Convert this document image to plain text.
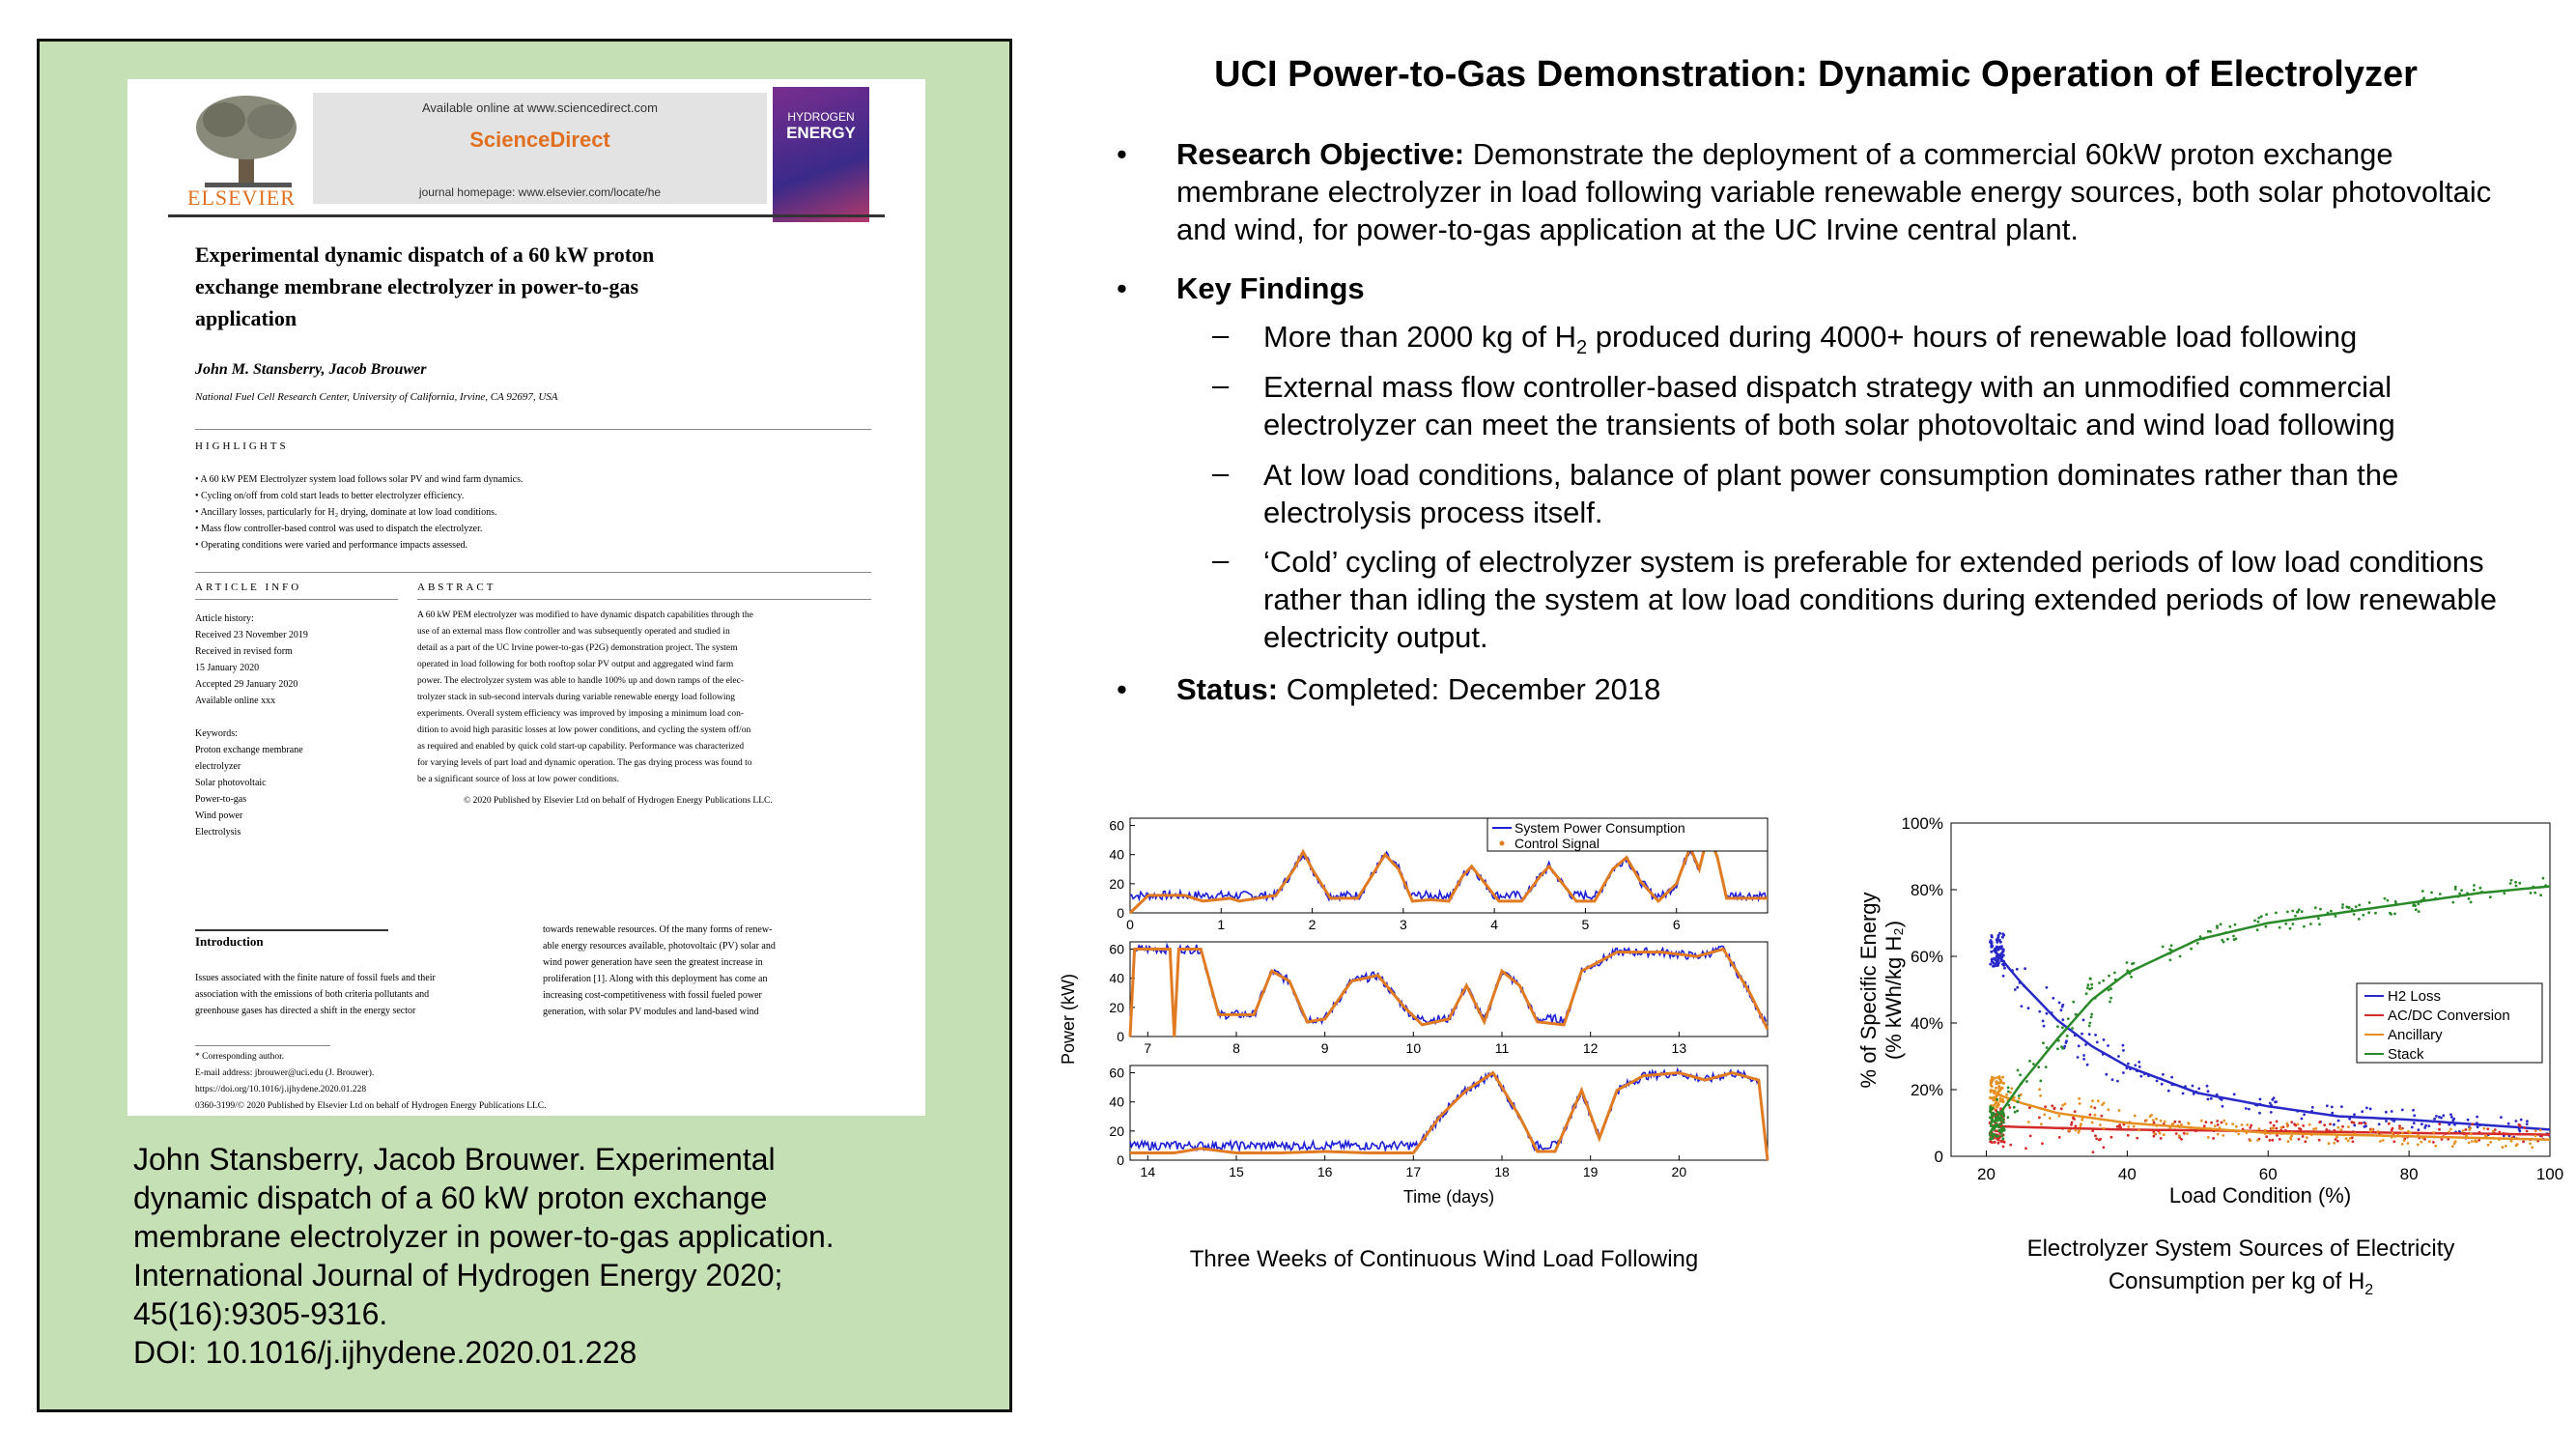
ELSEVIER
Available online at www.sciencedirect.com
ScienceDirect
journal homepage: www.elsevier.com/locate/he
HYDROGEN
ENERGY
Experimental dynamic dispatch of a 60 kW proton
exchange membrane electrolyzer in power-to-gas
application
John M. Stansberry, Jacob Brouwer
National Fuel Cell Research Center, University of California, Irvine, CA 92697, USA
HIGHLIGHTS
• A 60 kW PEM Electrolyzer system load follows solar PV and wind farm dynamics.
• Cycling on/off from cold start leads to better electrolyzer efficiency.
• Ancillary losses, particularly for H₂ drying, dominate at low load conditions.
• Mass flow controller-based control was used to dispatch the electrolyzer.
• Operating conditions were varied and performance impacts assessed.
ARTICLE INFO	ABSTRACT
Article history:
Received 23 November 2019
Received in revised form
15 January 2020
Accepted 29 January 2020
Available online xxx
Keywords:
Proton exchange membrane
electrolyzer
Solar photovoltaic
Power-to-gas
Wind power
Electrolysis
A 60 kW PEM electrolyzer was modified to have dynamic dispatch capabilities through the
use of an external mass flow controller and was subsequently operated and studied in
detail as a part of the UC Irvine power-to-gas (P2G) demonstration project. The system
operated in load following for both rooftop solar PV output and aggregated wind farm
power. The electrolyzer system was able to handle 100% up and down ramps of the elec-
trolyzer stack in sub-second intervals during variable renewable energy load following
experiments. Overall system efficiency was improved by imposing a minimum load con-
dition to avoid high parasitic losses at low power conditions, and cycling the system off/on
as required and enabled by quick cold start-up capability. Performance was characterized
for varying levels of part load and dynamic operation. The gas drying process was found to
be a significant source of loss at low power conditions.
© 2020 Published by Elsevier Ltd on behalf of Hydrogen Energy Publications LLC.
Introduction
Issues associated with the finite nature of fossil fuels and their
association with the emissions of both criteria pollutants and
greenhouse gases has directed a shift in the energy sector
towards renewable resources. Of the many forms of renew-
able energy resources available, photovoltaic (PV) solar and
wind power generation have seen the greatest increase in
proliferation [1]. Along with this deployment has come an
increasing cost-competitiveness with fossil fueled power
generation, with solar PV modules and land-based wind
* Corresponding author.
E-mail address: jbrouwer@uci.edu (J. Brouwer).
https://doi.org/10.1016/j.ijhydene.2020.01.228
0360-3199/© 2020 Published by Elsevier Ltd on behalf of Hydrogen Energy Publications LLC.
John Stansberry, Jacob Brouwer. Experimental
dynamic dispatch of a 60 kW proton exchange
membrane electrolyzer in power-to-gas application.
International Journal of Hydrogen Energy 2020;
45(16):9305-9316.
DOI: 10.1016/j.ijhydene.2020.01.228
UCI Power-to-Gas Demonstration: Dynamic Operation of Electrolyzer
• Research Objective: Demonstrate the deployment of a commercial 60kW proton exchange membrane electrolyzer in load following variable renewable energy sources, both solar photovoltaic and wind, for power-to-gas application at the UC Irvine central plant.
• Key Findings
– More than 2000 kg of $H_2$ produced during 4000+ hours of renewable load following
– External mass flow controller-based dispatch strategy with an unmodified commercial electrolyzer can meet the transients of both solar photovoltaic and wind load following
– At low load conditions, balance of plant power consumption dominates rather than the electrolysis process itself.
– ‘Cold’ cycling of electrolyzer system is preferable for extended periods of low load conditions rather than idling the system at low load conditions during extended periods of low renewable electricity output.
• Status: Completed: December 2018
0
20
40
60
0	1	2	3	4	5	6
0
20
40
60
7	8	9	10	11	12	13
0
20
40
60
14	15	16	17	18	19	20
System Power Consumption
Control Signal
Power (kW)
Time (days)
0
20%
40%
60%
80%
100%
20	40	60	80	100
H2 Loss
AC/DC Conversion
Ancillary
Stack
Load Condition (%)
% of Specific Energy (% kWh/kg H₂)
Three Weeks of Continuous Wind Load Following	Electrolyzer System Sources of Electricity
Consumption per kg of $H_2$
